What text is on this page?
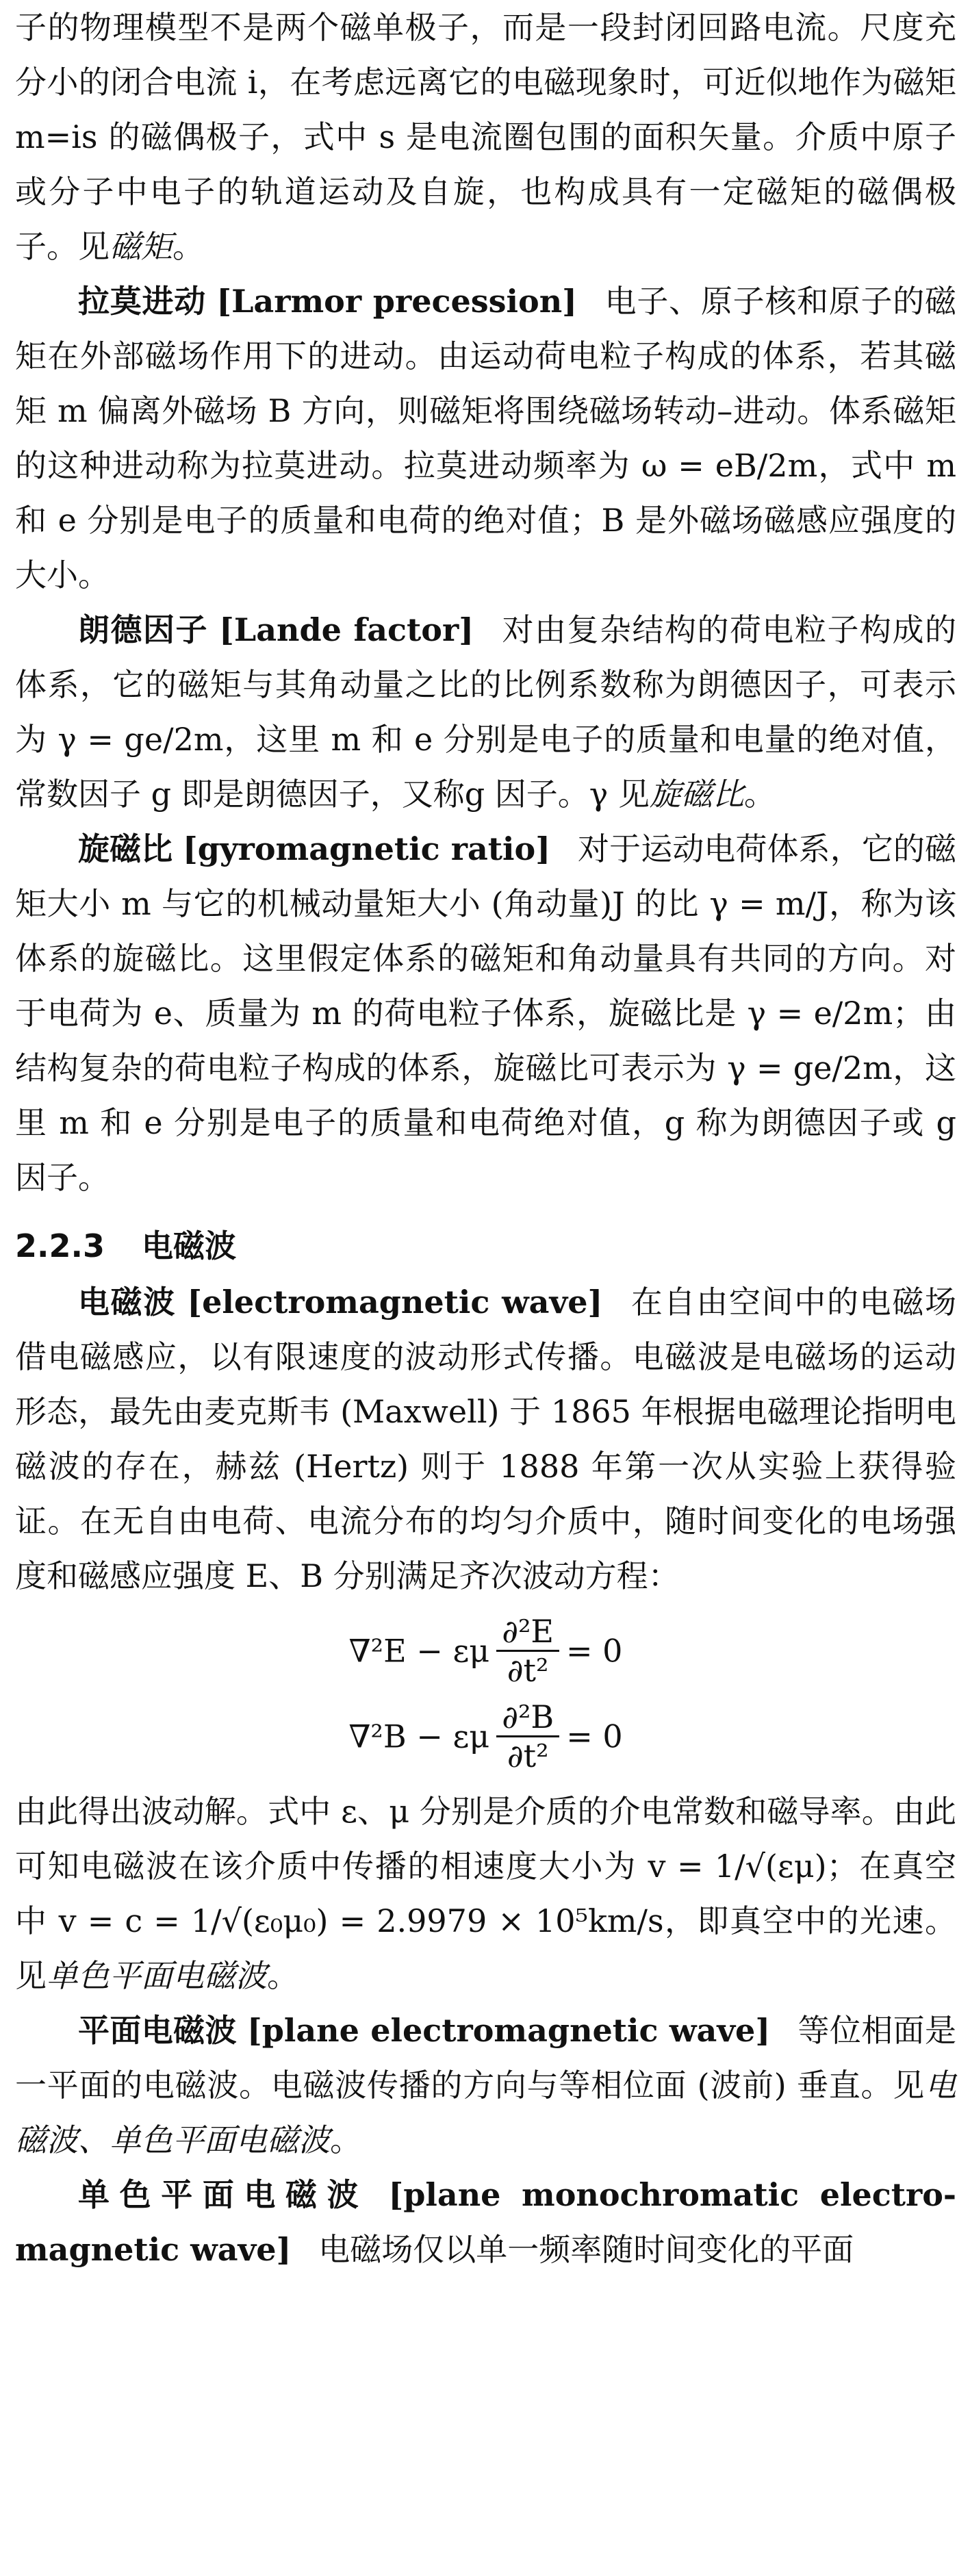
子的物理模型不是两个磁单极子，而是一段封闭回路电流。尺度充分小的闭合电流 i，在考虑远离它的电磁现象时，可近似地作为磁矩 m=is 的磁偶极子，式中 s 是电流圈包围的面积矢量。介质中原子或分子中电子的轨道运动及自旋，也构成具有一定磁矩的磁偶极子。见磁矩。

拉莫进动 [Larmor precession] 电子、原子核和原子的磁矩在外部磁场作用下的进动。由运动荷电粒子构成的体系，若其磁矩 m 偏离外磁场 B 方向，则磁矩将围绕磁场转动–进动。体系磁矩的这种进动称为拉莫进动。拉莫进动频率为 ω = eB/2m，式中 m 和 e 分别是电子的质量和电荷的绝对值；B 是外磁场磁感应强度的大小。

朗德因子 [Lande factor] 对由复杂结构的荷电粒子构成的体系，它的磁矩与其角动量之比的比例系数称为朗德因子，可表示为 γ = ge/2m，这里 m 和 e 分别是电子的质量和电量的绝对值，常数因子 g 即是朗德因子，又称g 因子。γ 见旋磁比。

旋磁比 [gyromagnetic ratio] 对于运动电荷体系，它的磁矩大小 m 与它的机械动量矩大小 (角动量)J 的比 γ = m/J，称为该体系的旋磁比。这里假定体系的磁矩和角动量具有共同的方向。对于电荷为 e、质量为 m 的荷电粒子体系，旋磁比是 γ = e/2m；由结构复杂的荷电粒子构成的体系，旋磁比可表示为 γ = ge/2m，这里 m 和 e 分别是电子的质量和电荷绝对值，g 称为朗德因子或 g 因子。

2.2.3 电磁波

电磁波 [electromagnetic wave] 在自由空间中的电磁场借电磁感应，以有限速度的波动形式传播。电磁波是电磁场的运动形态，最先由麦克斯韦 (Maxwell) 于 1865 年根据电磁理论指明电磁波的存在，赫兹 (Hertz) 则于 1888 年第一次从实验上获得验证。在无自由电荷、电流分布的均匀介质中，随时间变化的电场强度和磁感应强度 E、B 分别满足齐次波动方程：

∇²E − εμ $\frac{\text{∂²E}}{\text{∂t²}} = 0$
∇²B − εμ $\frac{\text{∂²B}}{\text{∂t²}} = 0$

由此得出波动解。式中 ε、μ 分别是介质的介电常数和磁导率。由此可知电磁波在该介质中传播的相速度大小为 v = 1/√(εμ)；在真空中 v = c = 1/√(ε₀μ₀) = 2.9979 × 10⁵km/s，即真空中的光速。见单色平面电磁波。

平面电磁波 [plane electromagnetic wave] 等位相面是一平面的电磁波。电磁波传播的方向与等相位面 (波前) 垂直。见电磁波、单色平面电磁波。

单色平面电磁波 [plane monochromatic electro-magnetic wave] 电磁场仅以单一频率随时间变化的平面
